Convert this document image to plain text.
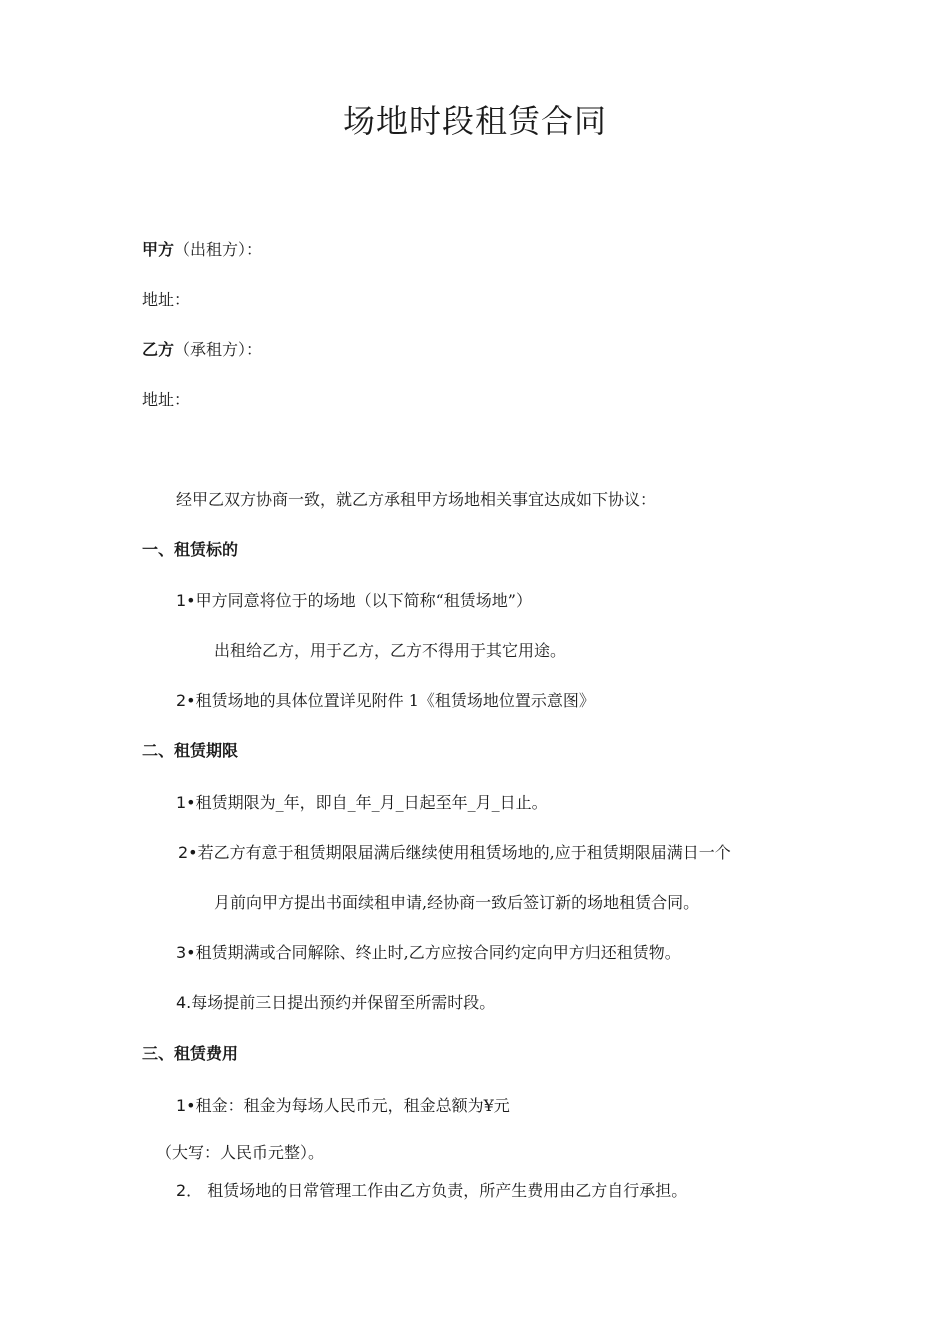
场地时段租赁合同
甲方（出租方）：
地址：
乙方（承租方）：
地址：
经甲乙双方协商一致，就乙方承租甲方场地相关事宜达成如下协议：
一、租赁标的
1•甲方同意将位于的场地（以下简称“租赁场地”）
出租给乙方，用于乙方，乙方不得用于其它用途。
2•租赁场地的具体位置详见附件 1《租赁场地位置示意图》
二、租赁期限
1•租赁期限为_年，即自_年_月_日起至年_月_日止。
2•若乙方有意于租赁期限届满后继续使用租赁场地的,应于租赁期限届满日一个
月前向甲方提出书面续租申请,经协商一致后签订新的场地租赁合同。
3•租赁期满或合同解除、终止时,乙方应按合同约定向甲方归还租赁物。
4.每场提前三日提出预约并保留至所需时段。
三、租赁费用
1•租金：租金为每场人民币元，租金总额为¥元
（大写：人民币元整）。
2． 租赁场地的日常管理工作由乙方负责，所产生费用由乙方自行承担。
